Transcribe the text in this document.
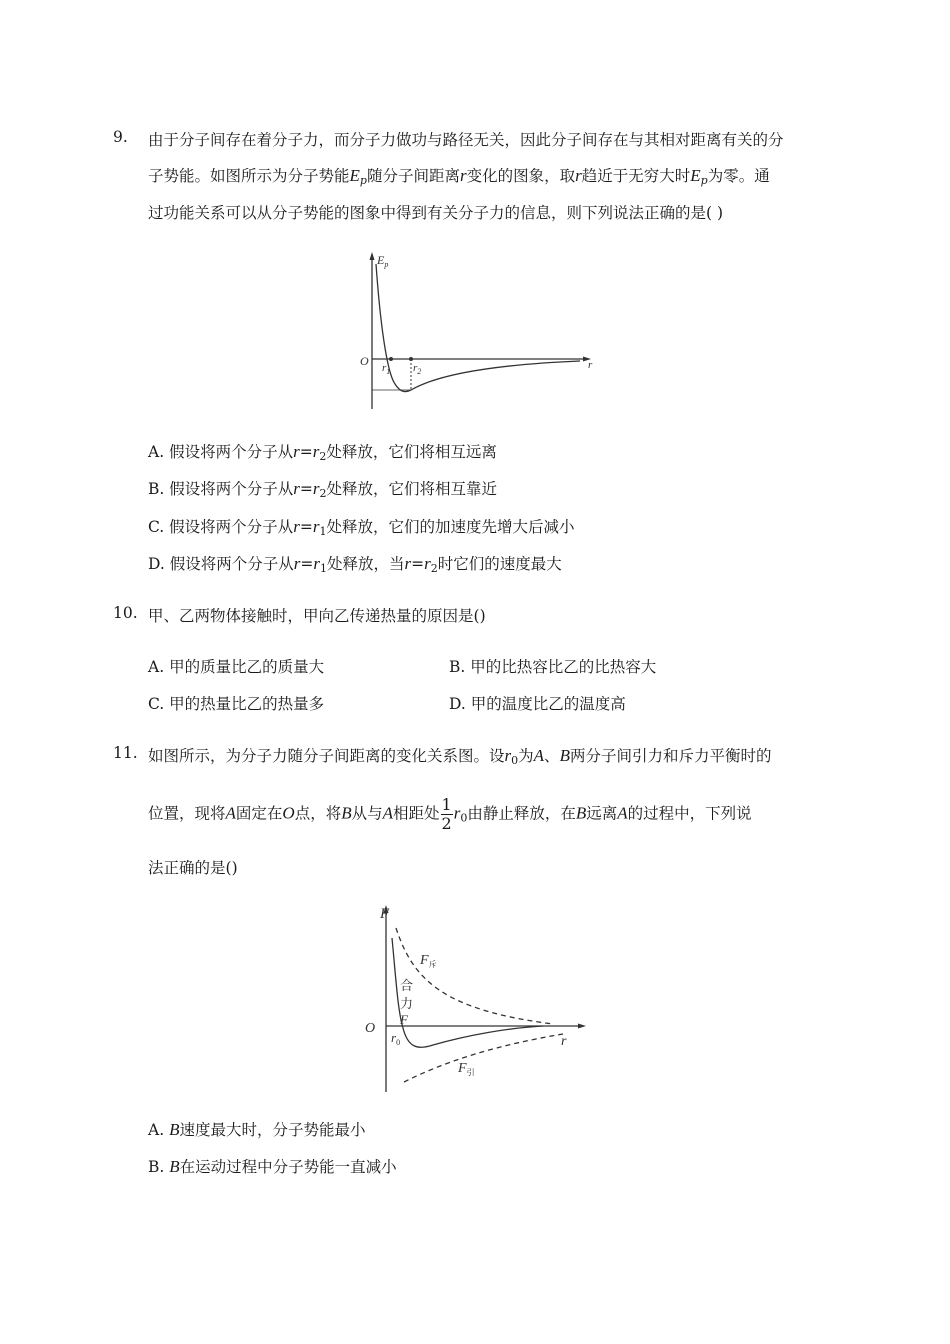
9. 由于分子间存在着分子力，而分子力做功与路径无关，因此分子间存在与其相对距离有关的分
子势能。如图所示为分子势能$E_p$随分子间距离r变化的图象，取r趋近于无穷大时$E_p$为零。通
过功能关系可以从分子势能的图象中得到有关分子力的信息，则下列说法正确的是( )
$E_p$
O $r_1$ $r_2$
r
A. 假设将两个分子从r=r2处释放，它们将相互远离
B. 假设将两个分子从r=r2处释放，它们将相互靠近
C. 假设将两个分子从r=r1处释放，它们的加速度先增大后减小
D. 假设将两个分子从r=r1处释放，当r=r2时它们的速度最大
10. 甲、乙两物体接触时，甲向乙传递热量的原因是()
A. 甲的质量比乙的质量大	B. 甲的比热容比乙的比热容大
C. 甲的热量比乙的热量多	D. 甲的温度比乙的温度高
11. 如图所示，为分子力随分子间距离的变化关系图。设r0为A、B两分子间引力和斥力平衡时的
位置，现将A固定在O点，将B从与A相距处 $\frac{1}{2} r0$由静止释放，在B远离A的过程中，下列说
法正确的是()
F
O
$F_斥$
合
力
F
$r_0$	r
$F_引$
A. B速度最大时，分子势能最小
B. B在运动过程中分子势能一直减小
